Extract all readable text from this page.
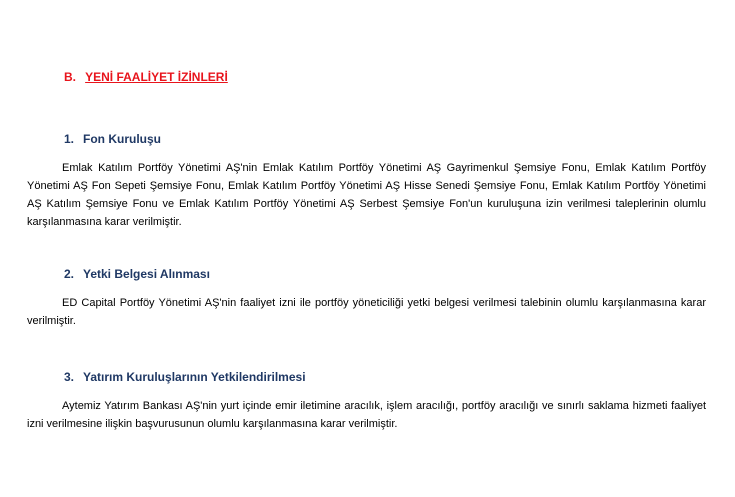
B. YENİ FAALİYET İZİNLERİ
1. Fon Kuruluşu

Emlak Katılım Portföy Yönetimi AŞ'nin Emlak Katılım Portföy Yönetimi AŞ Gayrimenkul Şemsiye Fonu, Emlak Katılım Portföy Yönetimi AŞ Fon Sepeti Şemsiye Fonu, Emlak Katılım Portföy Yönetimi AŞ Hisse Senedi Şemsiye Fonu, Emlak Katılım Portföy Yönetimi AŞ Katılım Şemsiye Fonu ve Emlak Katılım Portföy Yönetimi AŞ Serbest Şemsiye Fon'un kuruluşuna izin verilmesi taleplerinin olumlu karşılanmasına karar verilmiştir.

2. Yetki Belgesi Alınması

ED Capital Portföy Yönetimi AŞ'nin faaliyet izni ile portföy yöneticiliği yetki belgesi verilmesi talebinin olumlu karşılanmasına karar verilmiştir.

3. Yatırım Kuruluşlarının Yetkilendirilmesi

Aytemiz Yatırım Bankası AŞ'nin yurt içinde emir iletimine aracılık, işlem aracılığı, portföy aracılığı ve sınırlı saklama hizmeti faaliyet izni verilmesine ilişkin başvurusunun olumlu karşılanmasına karar verilmiştir.
